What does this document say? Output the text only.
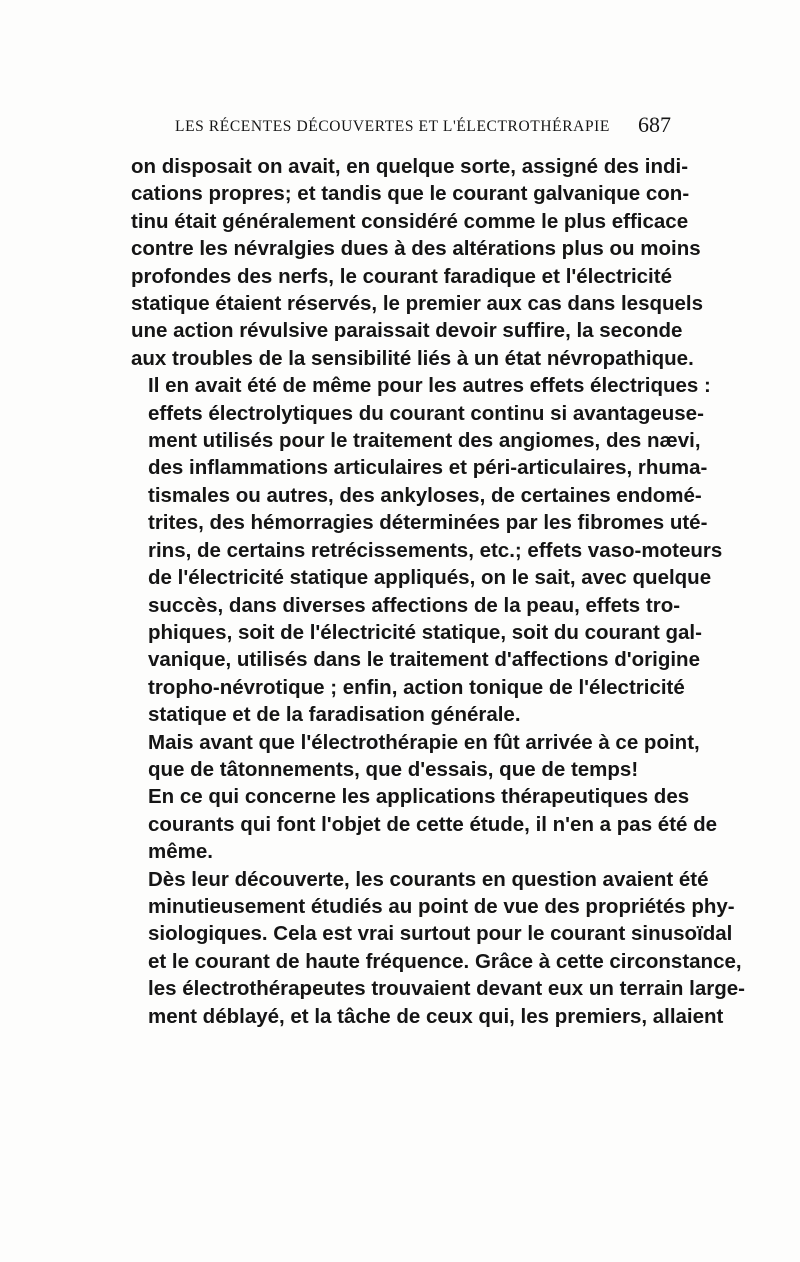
LES RÉCENTES DÉCOUVERTES ET L'ÉLECTROTHÉRAPIE 687
on disposait on avait, en quelque sorte, assigné des indi-
cations propres; et tandis que le courant galvanique con-
tinu était généralement considéré comme le plus efficace
contre les névralgies dues à des altérations plus ou moins
profondes des nerfs, le courant faradique et l'électricité
statique étaient réservés, le premier aux cas dans lesquels
une action révulsive paraissait devoir suffire, la seconde
aux troubles de la sensibilité liés à un état névropathique.
Il en avait été de même pour les autres effets électriques :
effets électrolytiques du courant continu si avantageuse-
ment utilisés pour le traitement des angiomes, des nævi,
des inflammations articulaires et péri-articulaires, rhuma-
tismales ou autres, des ankyloses, de certaines endomé-
trites, des hémorragies déterminées par les fibromes uté-
rins, de certains retrécissements, etc.; effets vaso-moteurs
de l'électricité statique appliqués, on le sait, avec quelque
succès, dans diverses affections de la peau, effets tro-
phiques, soit de l'électricité statique, soit du courant gal-
vanique, utilisés dans le traitement d'affections d'origine
tropho-névrotique ; enfin, action tonique de l'électricité
statique et de la faradisation générale.
Mais avant que l'électrothérapie en fût arrivée à ce point,
que de tâtonnements, que d'essais, que de temps!
En ce qui concerne les applications thérapeutiques des
courants qui font l'objet de cette étude, il n'en a pas été de
même.
Dès leur découverte, les courants en question avaient été
minutieusement étudiés au point de vue des propriétés phy-
siologiques. Cela est vrai surtout pour le courant sinusoïdal
et le courant de haute fréquence. Grâce à cette circonstance,
les électrothérapeutes trouvaient devant eux un terrain large-
ment déblayé, et la tâche de ceux qui, les premiers, allaient
